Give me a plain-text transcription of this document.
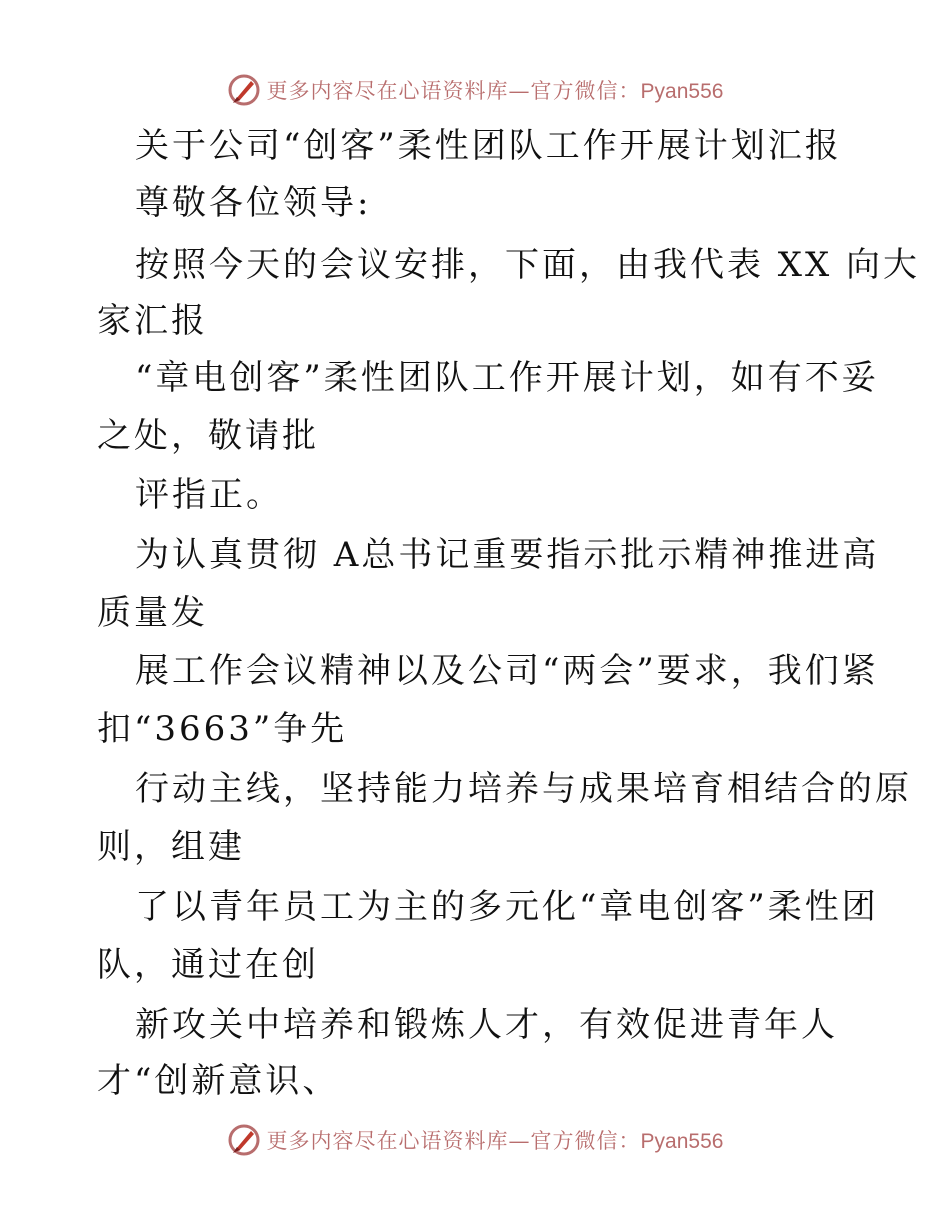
更多内容尽在心语资料库—官方微信：Pyan556
关于公司“创客”柔性团队工作开展计划汇报
尊敬各位领导:
按照今天的会议安排，下面，由我代表 XX 向大
家汇报
“章电创客”柔性团队工作开展计划，如有不妥
之处，敬请批
评指正。
为认真贯彻 A总书记重要指示批示精神推进高
质量发
展工作会议精神以及公司“两会”要求，我们紧
扣“3663”争先
行动主线，坚持能力培养与成果培育相结合的原
则，组建
了以青年员工为主的多元化“章电创客”柔性团
队，通过在创
新攻关中培养和锻炼人才，有效促进青年人
才“创新意识、
更多内容尽在心语资料库—官方微信：Pyan556
